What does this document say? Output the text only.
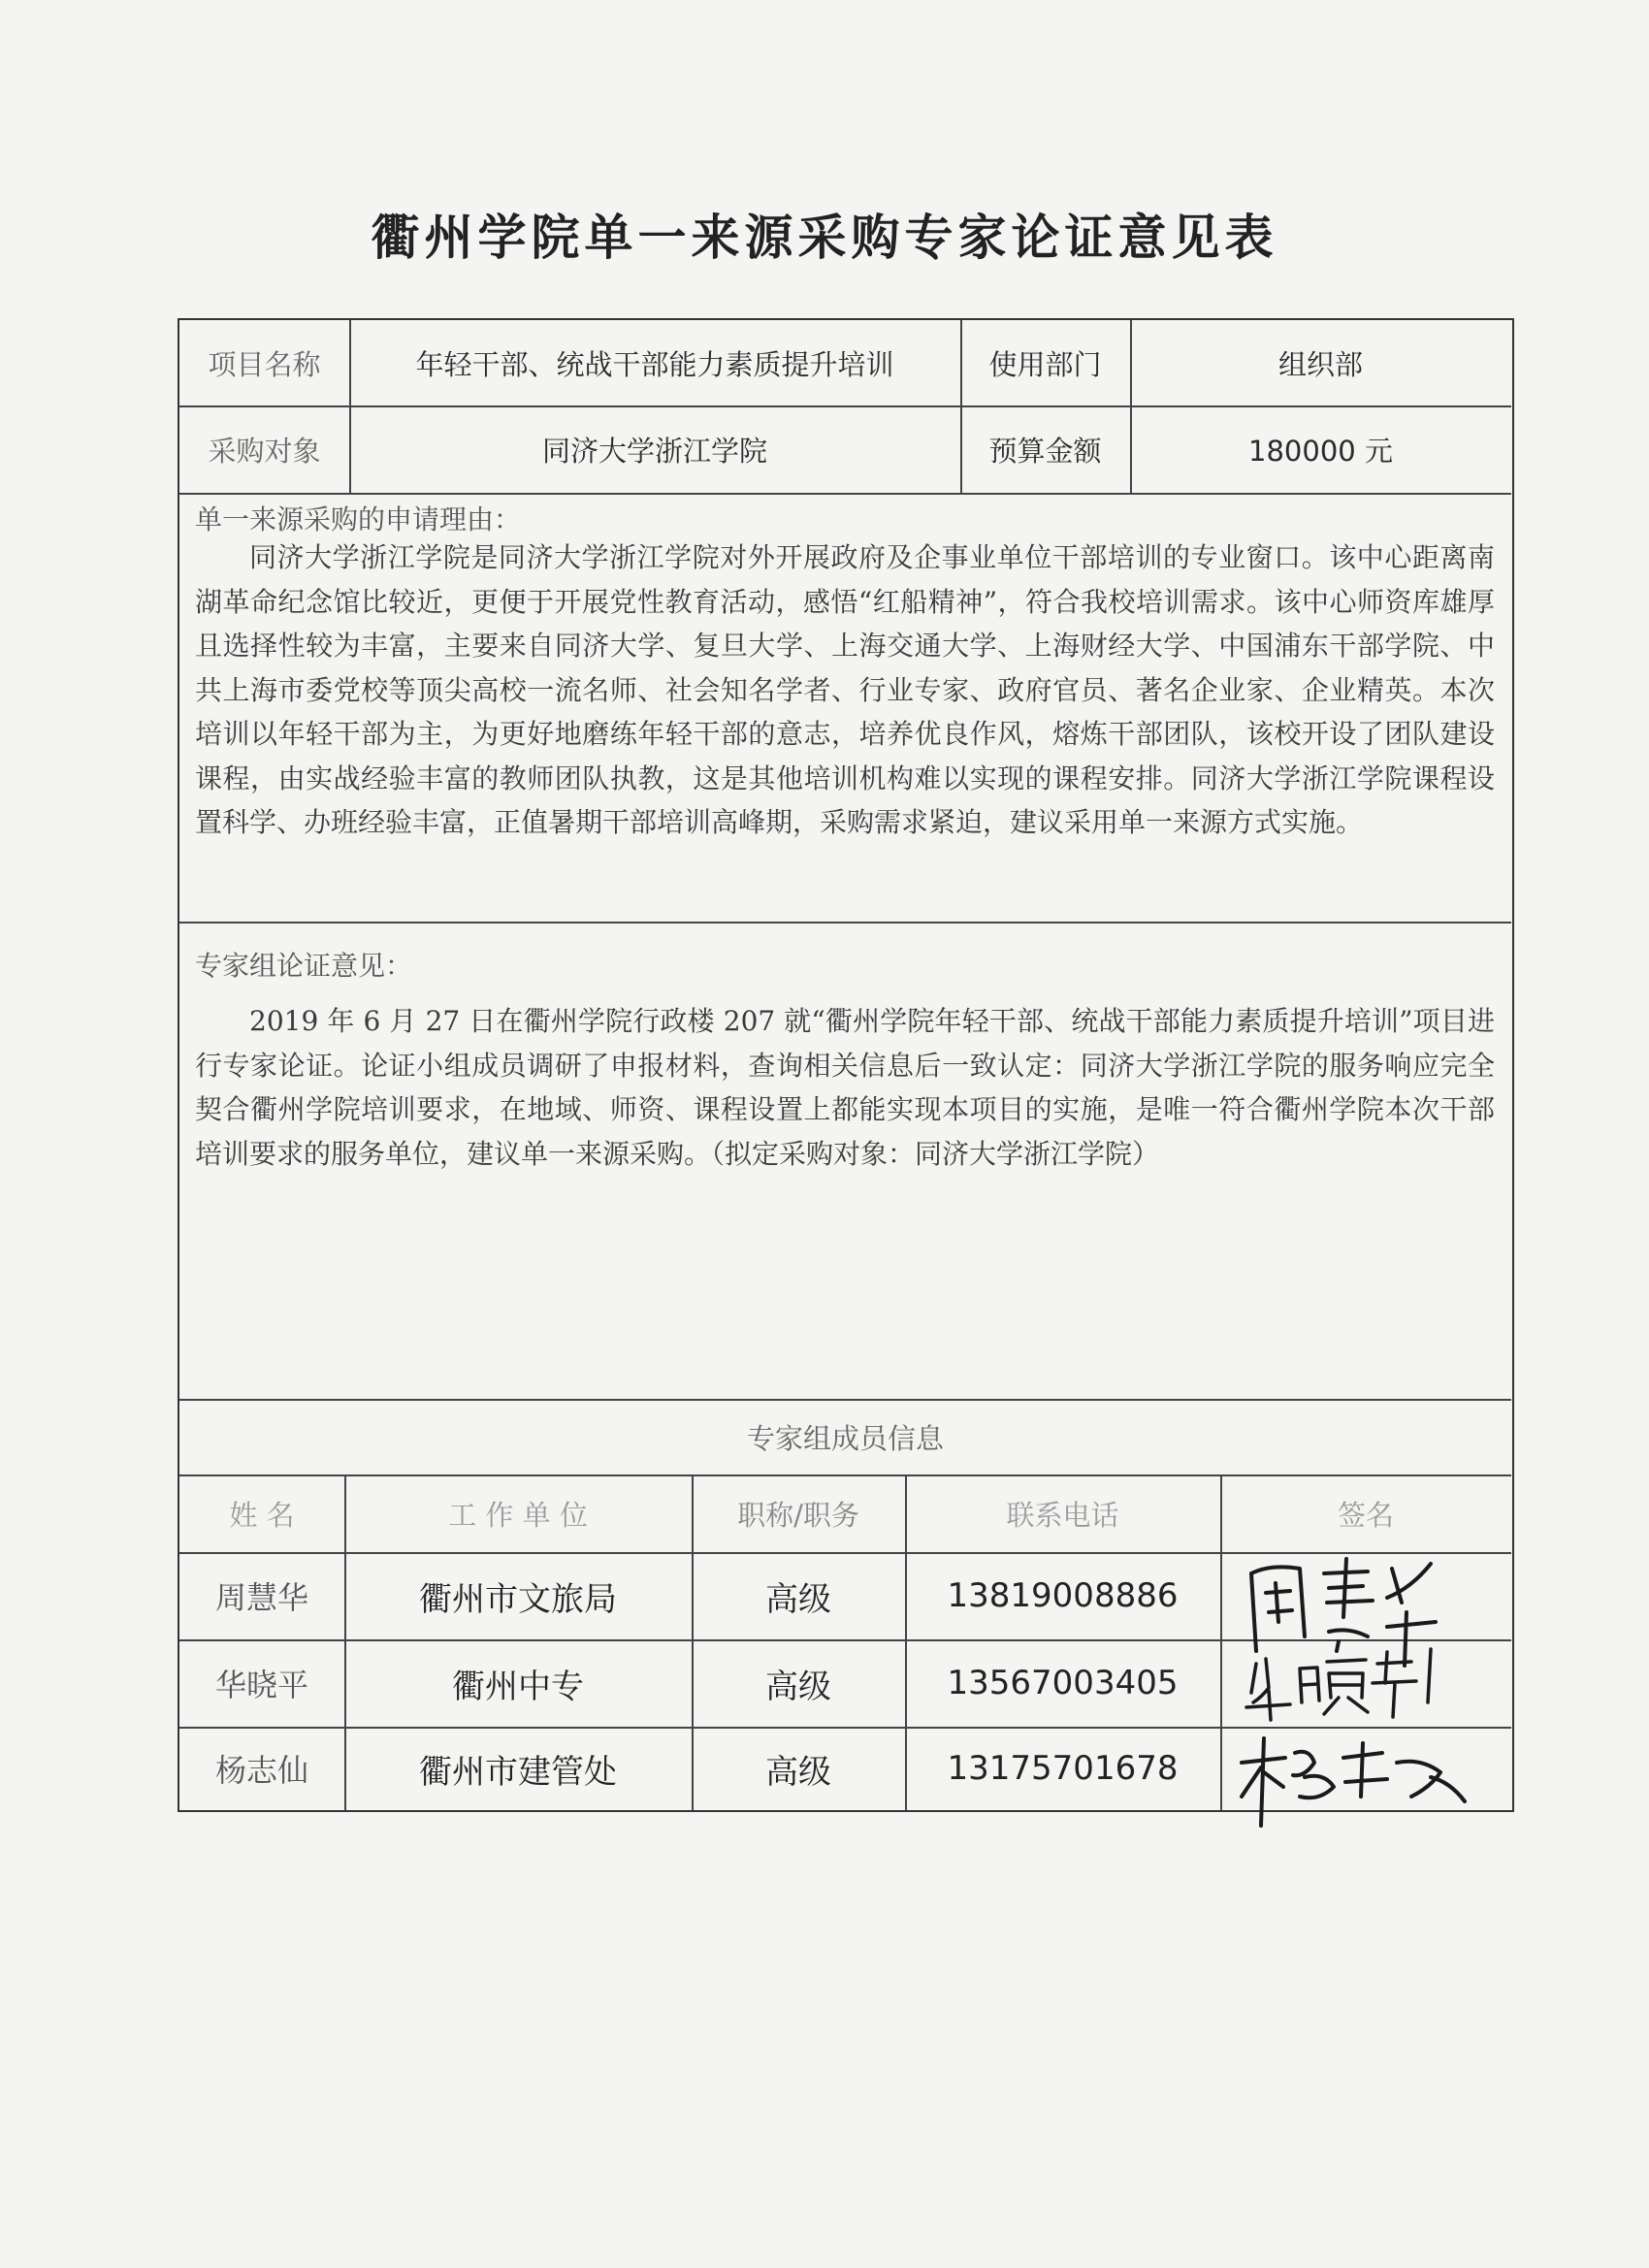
衢州学院单一来源采购专家论证意见表
项目名称	年轻干部、统战干部能力素质提升培训	使用部门	组织部
采购对象	同济大学浙江学院	预算金额	180000 元
单一来源采购的申请理由：
同济大学浙江学院是同济大学浙江学院对外开展政府及企事业单位干部培训的专业窗口。该中心距离南湖革命纪念馆比较近，更便于开展党性教育活动，感悟“红船精神”，符合我校培训需求。该中心师资库雄厚且选择性较为丰富，主要来自同济大学、复旦大学、上海交通大学、上海财经大学、中国浦东干部学院、中共上海市委党校等顶尖高校一流名师、社会知名学者、行业专家、政府官员、著名企业家、企业精英。本次培训以年轻干部为主，为更好地磨练年轻干部的意志，培养优良作风，熔炼干部团队，该校开设了团队建设课程，由实战经验丰富的教师团队执教，这是其他培训机构难以实现的课程安排。同济大学浙江学院课程设置科学、办班经验丰富，正值暑期干部培训高峰期，采购需求紧迫，建议采用单一来源方式实施。
专家组论证意见：
2019 年 6 月 27 日在衢州学院行政楼 207 就“衢州学院年轻干部、统战干部能力素质提升培训”项目进行专家论证。论证小组成员调研了申报材料，查询相关信息后一致认定：同济大学浙江学院的服务响应完全契合衢州学院培训要求，在地域、师资、课程设置上都能实现本项目的实施，是唯一符合衢州学院本次干部培训要求的服务单位，建议单一来源采购。（拟定采购对象：同济大学浙江学院）
专家组成员信息
姓 名	工 作 单 位	职称/职务	联系电话	签名
周慧华	衢州市文旅局	高级	13819008886
华晓平	衢州中专	高级	13567003405
杨志仙	衢州市建管处	高级	13175701678
